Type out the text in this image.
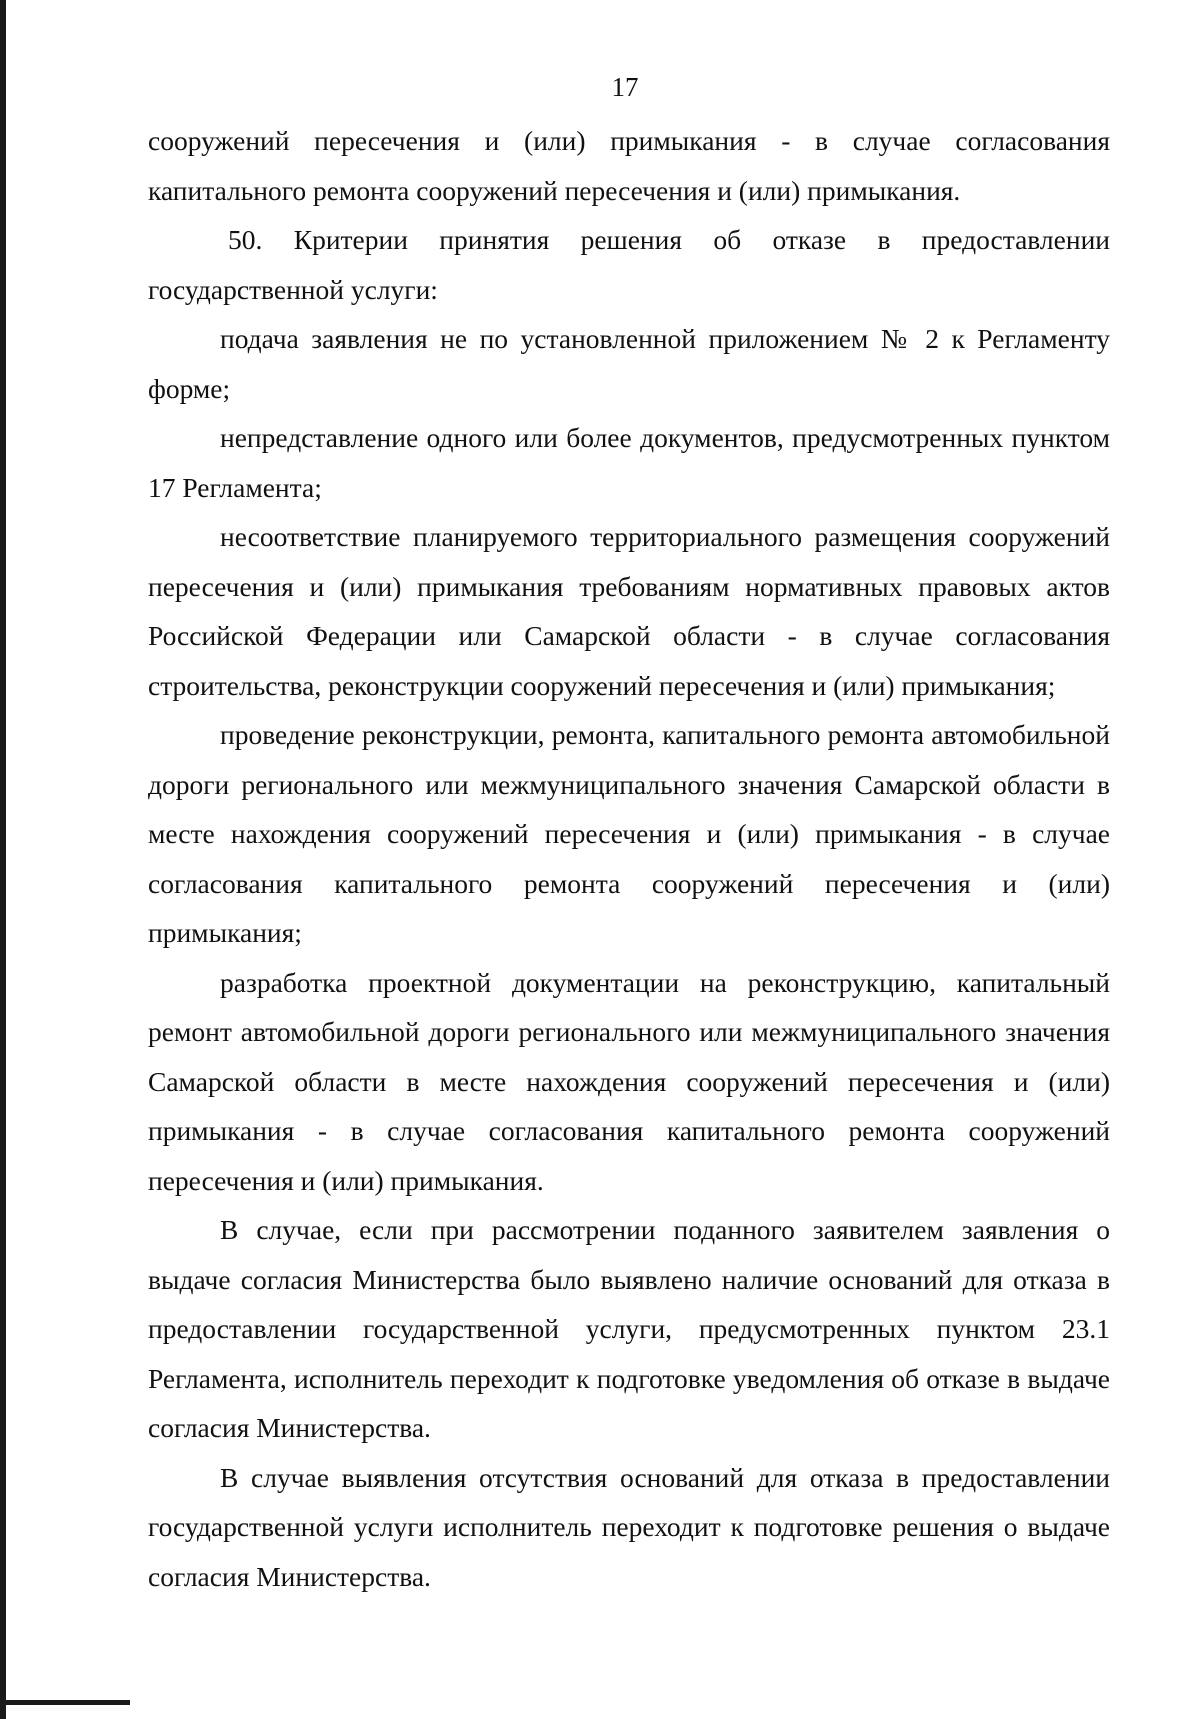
17

сооружений пересечения и (или) примыкания - в случае согласования капитального ремонта сооружений пересечения и (или) примыкания.

50. Критерии принятия решения об отказе в предоставлении государственной услуги:

подача заявления не по установленной приложением № 2 к Регламенту форме;

непредставление одного или более документов, предусмотренных пунктом 17 Регламента;

несоответствие планируемого территориального размещения сооружений пересечения и (или) примыкания требованиям нормативных правовых актов Российской Федерации или Самарской области - в случае согласования строительства, реконструкции сооружений пересечения и (или) примыкания;

проведение реконструкции, ремонта, капитального ремонта автомобильной дороги регионального или межмуниципального значения Самарской области в месте нахождения сооружений пересечения и (или) примыкания - в случае согласования капитального ремонта сооружений пересечения и (или) примыкания;

разработка проектной документации на реконструкцию, капитальный ремонт автомобильной дороги регионального или межмуниципального значения Самарской области в месте нахождения сооружений пересечения и (или) примыкания - в случае согласования капитального ремонта сооружений пересечения и (или) примыкания.

В случае, если при рассмотрении поданного заявителем заявления о выдаче согласия Министерства было выявлено наличие оснований для отказа в предоставлении государственной услуги, предусмотренных пунктом 23.1 Регламента, исполнитель переходит к подготовке уведомления об отказе в выдаче согласия Министерства.

В случае выявления отсутствия оснований для отказа в предоставлении государственной услуги исполнитель переходит к подготовке решения о выдаче согласия Министерства.
